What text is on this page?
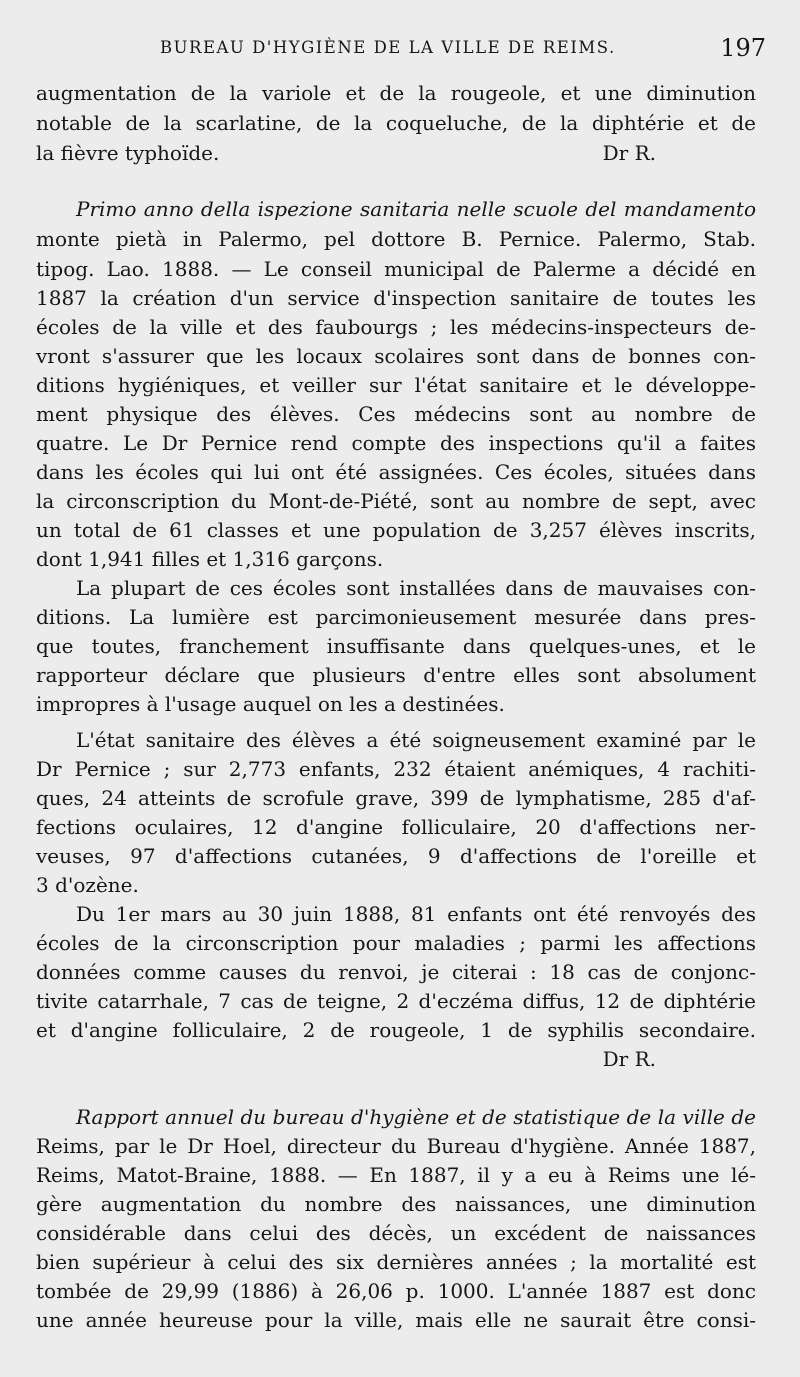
BUREAU D'HYGIÈNE DE LA VILLE DE REIMS.	197
augmentation de la variole et de la rougeole, et une diminution
notable de la scarlatine, de la coqueluche, de la diphtérie et de
la fièvre typhoïde.	Dr R.
Primo anno della ispezione sanitaria nelle scuole del mandamento
monte pietà in Palermo, pel dottore B. Pernice. Palermo, Stab.
tipog. Lao. 1888. — Le conseil municipal de Palerme a décidé en
1887 la création d'un service d'inspection sanitaire de toutes les
écoles de la ville et des faubourgs ; les médecins-inspecteurs de-
vront s'assurer que les locaux scolaires sont dans de bonnes con-
ditions hygiéniques, et veiller sur l'état sanitaire et le développe-
ment physique des élèves. Ces médecins sont au nombre de
quatre. Le Dr Pernice rend compte des inspections qu'il a faites
dans les écoles qui lui ont été assignées. Ces écoles, situées dans
la circonscription du Mont-de-Piété, sont au nombre de sept, avec
un total de 61 classes et une population de 3,257 élèves inscrits,
dont 1,941 filles et 1,316 garçons.
La plupart de ces écoles sont installées dans de mauvaises con-
ditions. La lumière est parcimonieusement mesurée dans pres-
que toutes, franchement insuffisante dans quelques-unes, et le
rapporteur déclare que plusieurs d'entre elles sont absolument
impropres à l'usage auquel on les a destinées.
L'état sanitaire des élèves a été soigneusement examiné par le
Dr Pernice ; sur 2,773 enfants, 232 étaient anémiques, 4 rachiti-
ques, 24 atteints de scrofule grave, 399 de lymphatisme, 285 d'af-
fections oculaires, 12 d'angine folliculaire, 20 d'affections ner-
veuses, 97 d'affections cutanées, 9 d'affections de l'oreille et
3 d'ozène.
Du 1er mars au 30 juin 1888, 81 enfants ont été renvoyés des
écoles de la circonscription pour maladies ; parmi les affections
données comme causes du renvoi, je citerai : 18 cas de conjonc-
tivite catarrhale, 7 cas de teigne, 2 d'eczéma diffus, 12 de diphtérie
et d'angine folliculaire, 2 de rougeole, 1 de syphilis secondaire.
Dr R.
Rapport annuel du bureau d'hygiène et de statistique de la ville de
Reims, par le Dr Hoel, directeur du Bureau d'hygiène. Année 1887,
Reims, Matot-Braine, 1888. — En 1887, il y a eu à Reims une lé-
gère augmentation du nombre des naissances, une diminution
considérable dans celui des décès, un excédent de naissances
bien supérieur à celui des six dernières années ; la mortalité est
tombée de 29,99 (1886) à 26,06 p. 1000. L'année 1887 est donc
une année heureuse pour la ville, mais elle ne saurait être consi-
